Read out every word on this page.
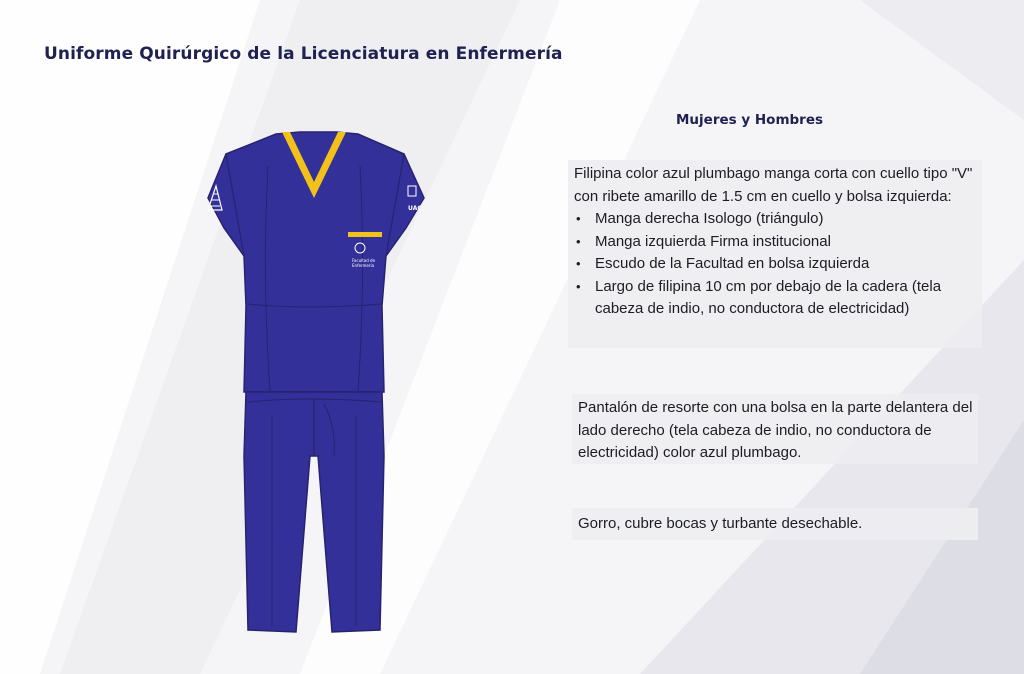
Uniforme Quirúrgico de la Licenciatura en Enfermería
Mujeres y Hombres
Facultad de
Enfermería
UAC

Filipina color azul plumbago manga corta con cuello tipo "V" con ribete amarillo de 1.5 cm en cuello y bolsa izquierda:

• Manga derecha Isologo (triángulo)
• Manga izquierda Firma institucional
• Escudo de la Facultad en bolsa izquierda
• Largo de filipina 10 cm por debajo de la cadera (tela cabeza de indio, no conductora de electricidad)

Pantalón de resorte con una bolsa en la parte delantera del lado derecho (tela cabeza de indio, no conductora de electricidad) color azul plumbago.

Gorro, cubre bocas y turbante desechable.
